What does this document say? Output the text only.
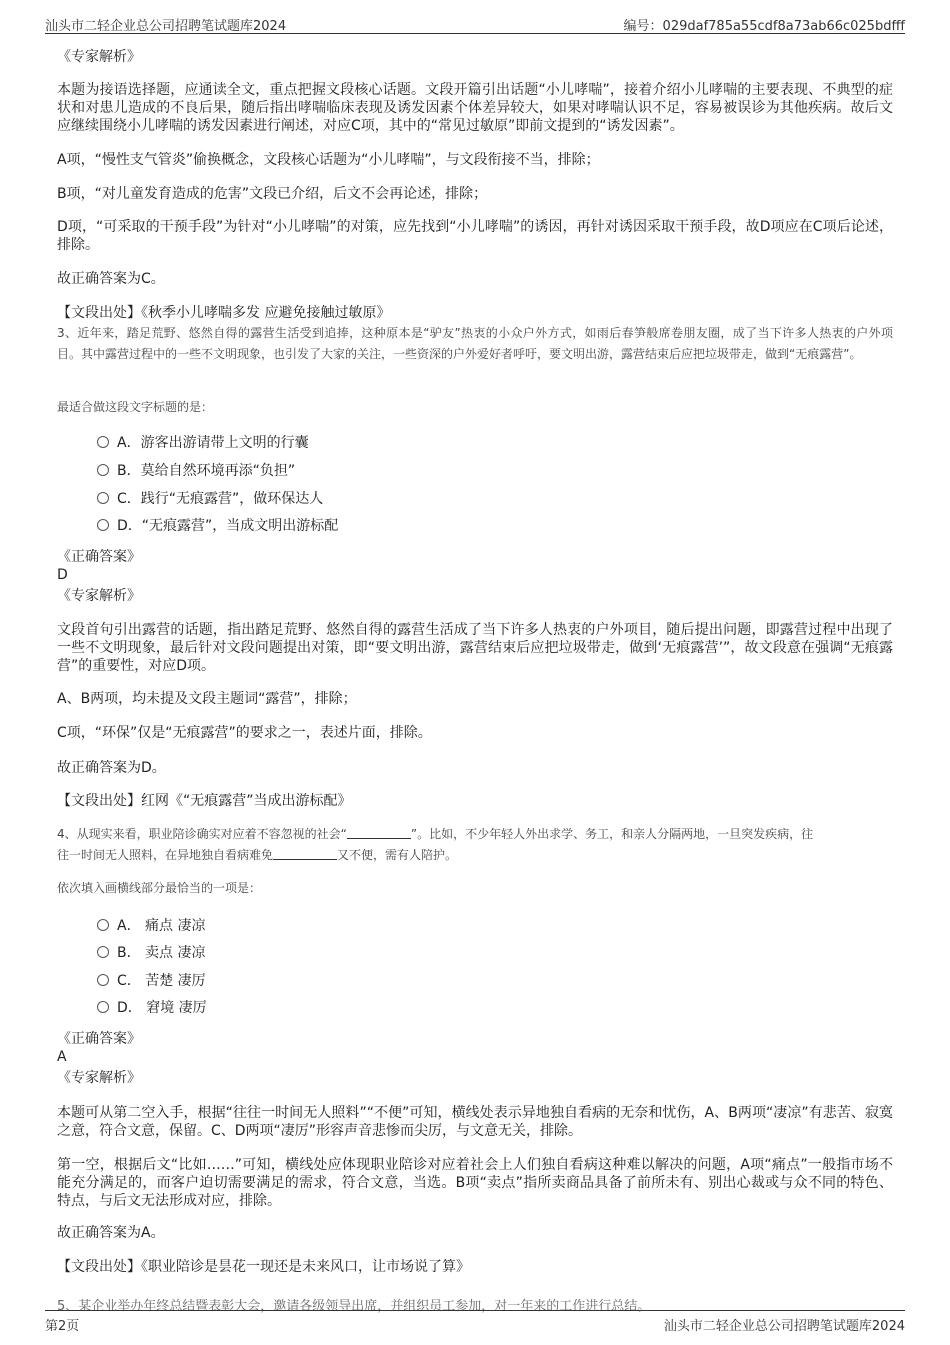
汕头市二轻企业总公司招聘笔试题库2024	编号：029daf785a55cdf8a73ab66c025bdfff
《专家解析》
本题为接语选择题，应通读全文，重点把握文段核心话题。文段开篇引出话题“小儿哮喘”，接着介绍小儿哮喘的主要表现、不典型的症状和对患儿造成的不良后果，随后指出哮喘临床表现及诱发因素个体差异较大，如果对哮喘认识不足，容易被误诊为其他疾病。故后文应继续围绕小儿哮喘的诱发因素进行阐述，对应C项，其中的“常见过敏原”即前文提到的“诱发因素”。
A项，“慢性支气管炎”偷换概念，文段核心话题为“小儿哮喘”，与文段衔接不当，排除；
B项，“对儿童发育造成的危害”文段已介绍，后文不会再论述，排除；
D项，“可采取的干预手段”为针对“小儿哮喘”的对策，应先找到“小儿哮喘”的诱因，再针对诱因采取干预手段，故D项应在C项后论述，排除。
故正确答案为C。
【文段出处】《秋季小儿哮喘多发 应避免接触过敏原》
3、近年来，踏足荒野、悠然自得的露营生活受到追捧，这种原本是“驴友”热衷的小众户外方式，如雨后春笋般席卷朋友圈，成了当下许多人热衷的户外项目。其中露营过程中的一些不文明现象，也引发了大家的关注，一些资深的户外爱好者呼吁，要文明出游，露营结束后应把垃圾带走，做到“无痕露营”。
最适合做这段文字标题的是：
A．游客出游请带上文明的行囊
B．莫给自然环境再添“负担”
C．践行“无痕露营”，做环保达人
D．“无痕露营”，当成文明出游标配
《正确答案》
D
《专家解析》
文段首句引出露营的话题，指出踏足荒野、悠然自得的露营生活成了当下许多人热衷的户外项目，随后提出问题，即露营过程中出现了一些不文明现象，最后针对文段问题提出对策，即“要文明出游，露营结束后应把垃圾带走，做到‘无痕露营’”，故文段意在强调“无痕露营”的重要性，对应D项。
A、B两项，均未提及文段主题词“露营”，排除；
C项，“环保”仅是“无痕露营”的要求之一，表述片面，排除。
故正确答案为D。
【文段出处】红网《“无痕露营”当成出游标配》
4、从现实来看，职业陪诊确实对应着不容忽视的社会“	”。比如，不少年轻人外出求学、务工，和亲人分隔两地，一旦突发疾病，往
往一时间无人照料，在异地独自看病难免	又不便，需有人陪护。
依次填入画横线部分最恰当的一项是：
A． 痛点 凄凉
B． 卖点 凄凉
C． 苦楚 凄厉
D． 窘境 凄厉
《正确答案》
A
《专家解析》
本题可从第二空入手，根据“往往一时间无人照料”“不便”可知，横线处表示异地独自看病的无奈和忧伤，A、B两项“凄凉”有悲苦、寂寞之意，符合文意，保留。C、D两项“凄厉”形容声音悲惨而尖厉，与文意无关，排除。
第一空，根据后文“比如……”可知，横线处应体现职业陪诊对应着社会上人们独自看病这种难以解决的问题，A项“痛点”一般指市场不能充分满足的，而客户迫切需要满足的需求，符合文意，当选。B项“卖点”指所卖商品具备了前所未有、别出心裁或与众不同的特色、特点，与后文无法形成对应，排除。
故正确答案为A。
【文段出处】《职业陪诊是昙花一现还是未来风口，让市场说了算》
5、某企业举办年终总结暨表彰大会，邀请各级领导出席，并组织员工参加，对一年来的工作进行总结。
第2页	汕头市二轻企业总公司招聘笔试题库2024
